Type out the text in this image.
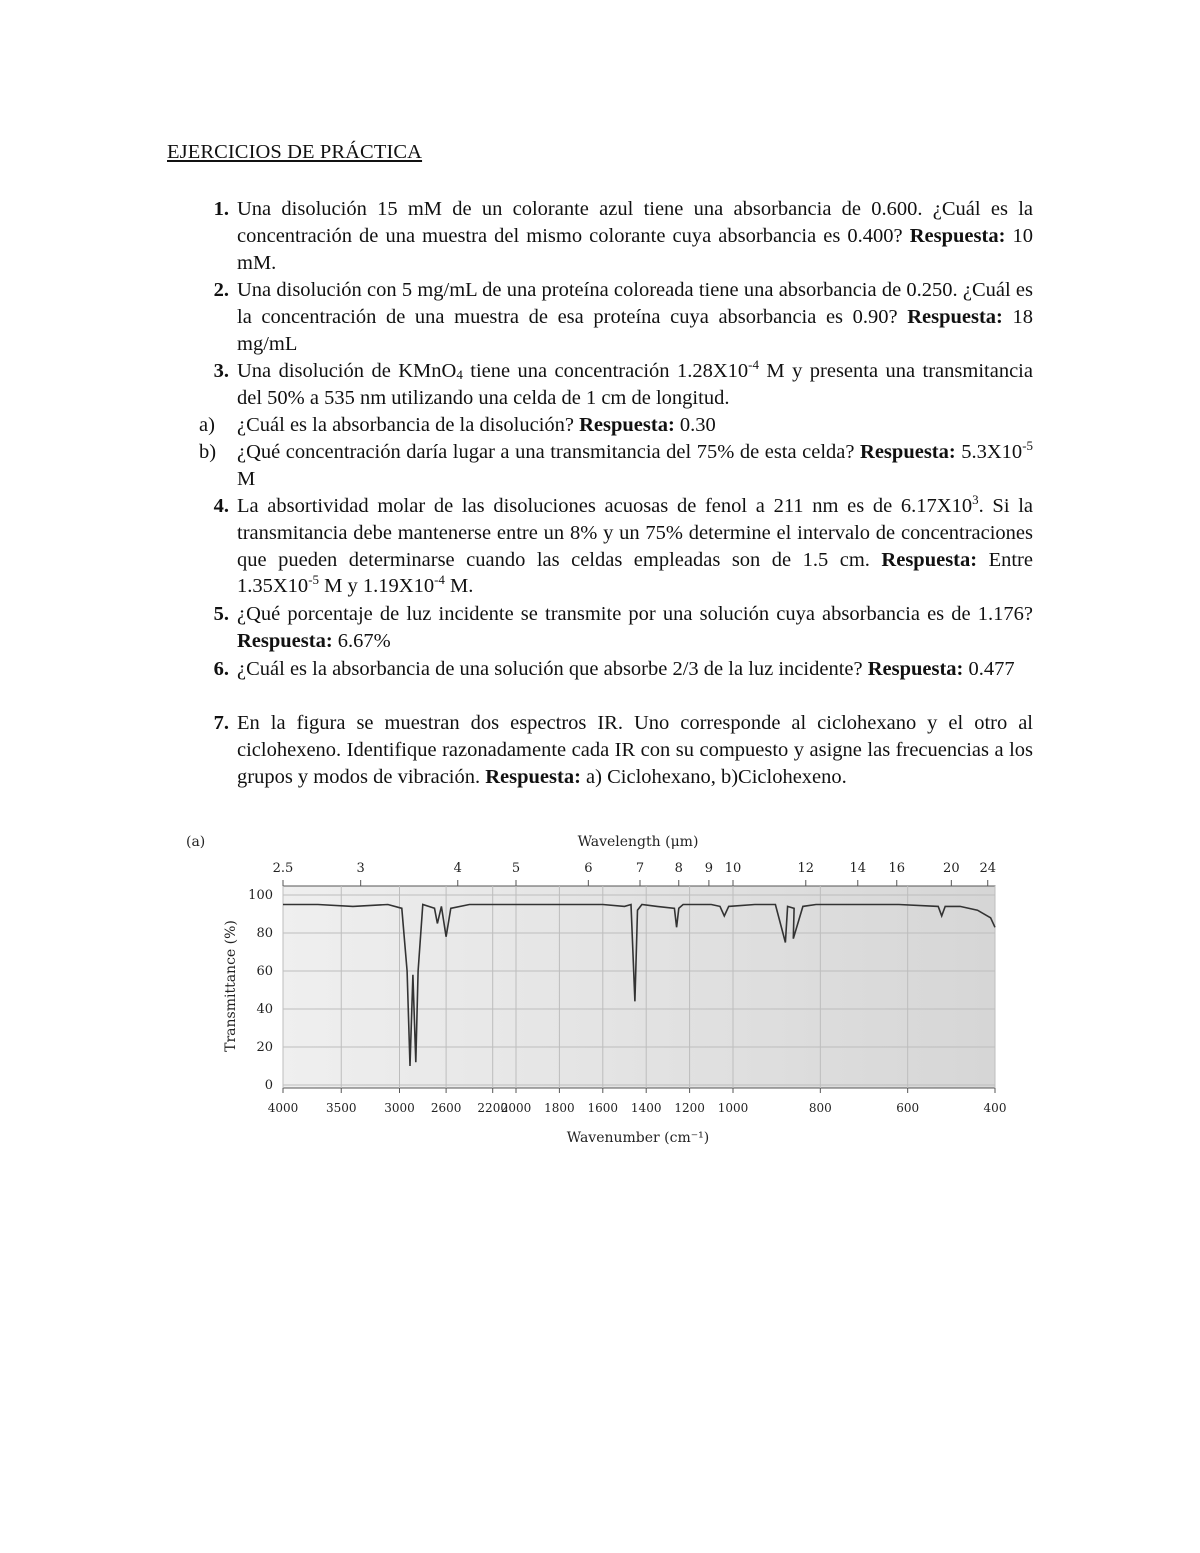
EJERCICIOS DE PRÁCTICA
1. Una disolución 15 mM de un colorante azul tiene una absorbancia de 0.600. ¿Cuál es la concentración de una muestra del mismo colorante cuya absorbancia es 0.400? Respuesta: 10 mM.
2. Una disolución con 5 mg/mL de una proteína coloreada tiene una absorbancia de 0.250. ¿Cuál es la concentración de una muestra de esa proteína cuya absorbancia es 0.90? Respuesta: 18 mg/mL
3. Una disolución de KMnO$_4$ tiene una concentración $1.28X10^{-4}$ M y presenta una transmitancia del 50% a 535 nm utilizando una celda de 1 cm de longitud.
a)	¿Cuál es la absorbancia de la disolución? Respuesta: 0.30
b)	¿Qué concentración daría lugar a una transmitancia del 75% de esta celda? Respuesta: $5.3X10^{-5}$ M
4. La absortividad molar de las disoluciones acuosas de fenol a 211 nm es de $6.17X10^3$. Si la transmitancia debe mantenerse entre un 8% y un 75% determine el intervalo de concentraciones que pueden determinarse cuando las celdas empleadas son de 1.5 cm. Respuesta: Entre $1.35X10^{-5}$ M y $1.19X10^{-4}$ M.
5. ¿Qué porcentaje de luz incidente se transmite por una solución cuya absorbancia es de 1.176? Respuesta: 6.67%
6. ¿Cuál es la absorbancia de una solución que absorbe 2/3 de la luz incidente? Respuesta: 0.477
7. En la figura se muestran dos espectros IR. Uno corresponde al ciclohexano y el otro al ciclohexeno. Identifique razonadamente cada IR con su compuesto y asigne las frecuencias a los grupos y modos de vibración. Respuesta: a) Ciclohexano, b)Ciclohexeno.
(a)	Wavelength (μm)
Wavenumber (cm⁻¹)
Transmittance (%)
4000 3500 3000 2600 2200
2000 1800 1600 1400 1200 1000	800	600	400
2.5	3	4	5	6	7 8 9 10	12	14 16	20 24
100
80
60
40
20
0
